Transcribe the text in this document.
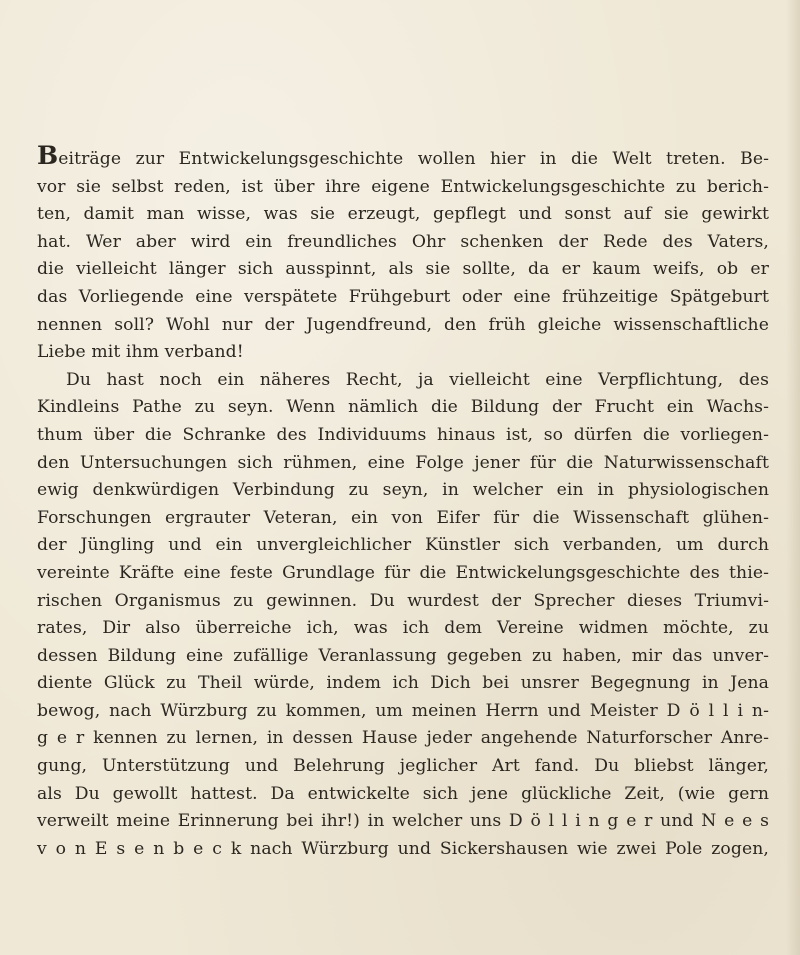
Beiträge zur Entwickelungsgeschichte wollen hier in die Welt treten. Be-
vor sie selbst reden, ist über ihre eigene Entwickelungsgeschichte zu berich-
ten, damit man wisse, was sie erzeugt, gepflegt und sonst auf sie gewirkt
hat. Wer aber wird ein freundliches Ohr schenken der Rede des Vaters,
die vielleicht länger sich ausspinnt, als sie sollte, da er kaum weifs, ob er
das Vorliegende eine verspätete Frühgeburt oder eine frühzeitige Spätgeburt
nennen soll? Wohl nur der Jugendfreund, den früh gleiche wissenschaftliche
Liebe mit ihm verband!
Du hast noch ein näheres Recht, ja vielleicht eine Verpflichtung, des
Kindleins Pathe zu seyn. Wenn nämlich die Bildung der Frucht ein Wachs-
thum über die Schranke des Individuums hinaus ist, so dürfen die vorliegen-
den Untersuchungen sich rühmen, eine Folge jener für die Naturwissenschaft
ewig denkwürdigen Verbindung zu seyn, in welcher ein in physiologischen
Forschungen ergrauter Veteran, ein von Eifer für die Wissenschaft glühen-
der Jüngling und ein unvergleichlicher Künstler sich verbanden, um durch
vereinte Kräfte eine feste Grundlage für die Entwickelungsgeschichte des thie-
rischen Organismus zu gewinnen. Du wurdest der Sprecher dieses Triumvi-
rates, Dir also überreiche ich, was ich dem Vereine widmen möchte, zu
dessen Bildung eine zufällige Veranlassung gegeben zu haben, mir das unver-
diente Glück zu Theil würde, indem ich Dich bei unsrer Begegnung in Jena
bewog, nach Würzburg zu kommen, um meinen Herrn und Meister D ö l l i n-
g e r kennen zu lernen, in dessen Hause jeder angehende Naturforscher Anre-
gung, Unterstützung und Belehrung jeglicher Art fand. Du bliebst länger,
als Du gewollt hattest. Da entwickelte sich jene glückliche Zeit, (wie gern
verweilt meine Erinnerung bei ihr!) in welcher uns D ö l l i n g e r und N e e s
v o n E s e n b e c k nach Würzburg und Sickershausen wie zwei Pole zogen,
